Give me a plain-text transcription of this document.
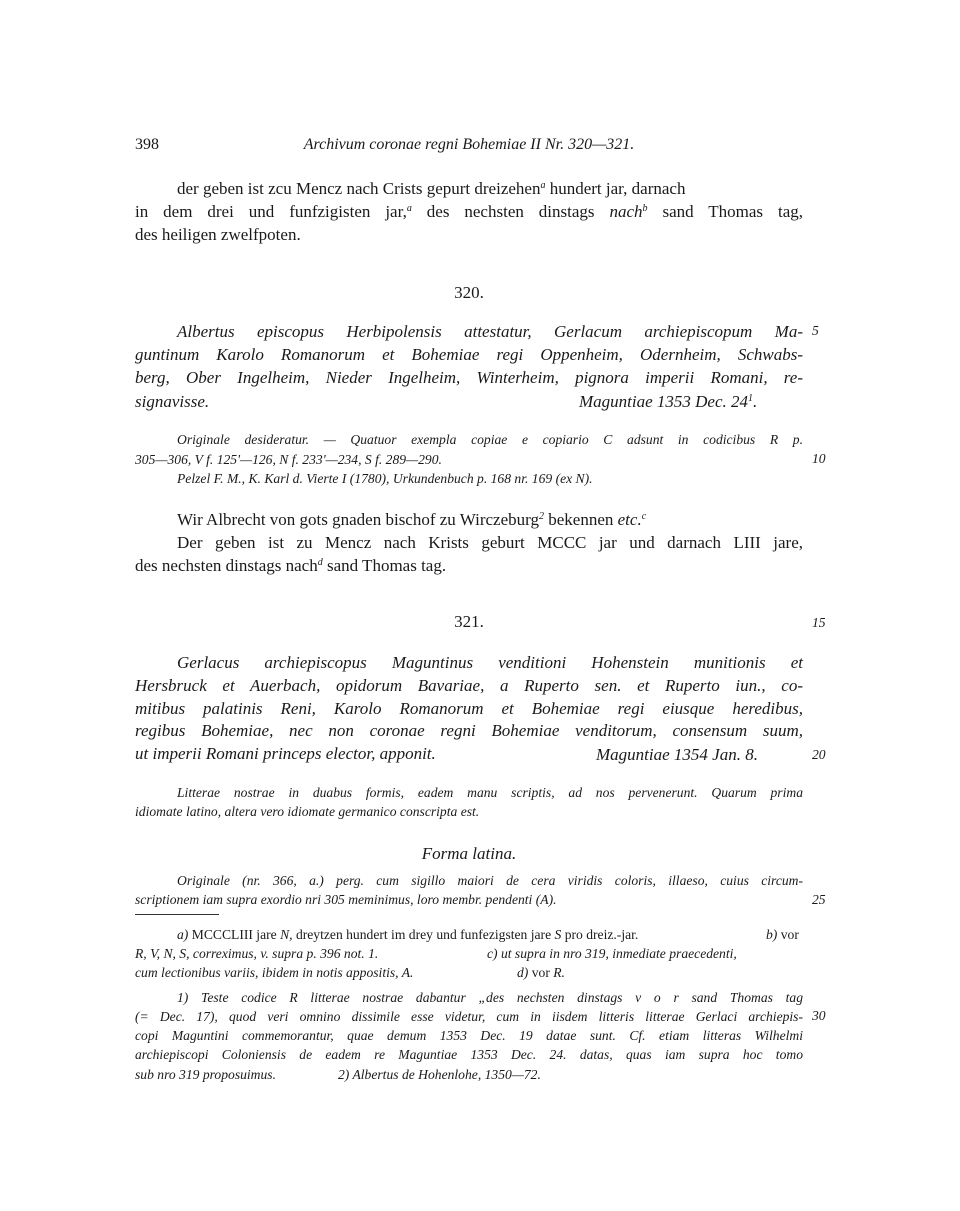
398	Archivum coronae regni Bohemiae II Nr. 320—321.
der geben ist zcu Mencz nach Crists gepurt dreizehen$^a$ hundert jar, darnach
in dem drei und funfzigisten jar,$^a$ des nechsten dinstags nach$^b$ sand Thomas tag,
des heiligen zwelfpoten.
320.
Albertus episcopus Herbipolensis attestatur, Gerlacum archiepiscopum Ma-
guntinum Karolo Romanorum et Bohemiae regi Oppenheim, Odernheim, Schwabs-
berg, Ober Ingelheim, Nieder Ingelheim, Winterheim, pignora imperii Romani, re-
signavisse.	Maguntiae 1353 Dec. $24^1$.
Originale desideratur. — Quatuor exempla copiae e copiario C adsunt in codicibus R p.
305—306, V f. 125'—126, N f. 233'—234, S f. 289—290.
Pelzel F. M., K. Karl d. Vierte I (1780), Urkundenbuch p. 168 nr. 169 (ex N).
Wir Albrecht von gots gnaden bischof zu Wirczeburg$^2$ bekennen etc.$^c$
Der geben ist zu Mencz nach Krists geburt MCCC jar und darnach LIII jare,
des nechsten dinstags nach$^d$ sand Thomas tag.
321.
Gerlacus archiepiscopus Maguntinus venditioni Hohenstein munitionis et
Hersbruck et Auerbach, opidorum Bavariae, a Ruperto sen. et Ruperto iun., co-
mitibus palatinis Reni, Karolo Romanorum et Bohemiae regi eiusque heredibus,
regibus Bohemiae, nec non coronae regni Bohemiae venditorum, consensum suum,
ut imperii Romani princeps elector, apponit.	Maguntiae 1354 Jan. 8.
Litterae nostrae in duabus formis, eadem manu scriptis, ad nos pervenerunt. Quarum prima
idiomate latino, altera vero idiomate germanico conscripta est.
Forma latina.
Originale (nr. 366, a.) perg. cum sigillo maiori de cera viridis coloris, illaeso, cuius circum-
scriptionem iam supra exordio nri 305 meminimus, loro membr. pendenti (A).
a) MCCCLIII jare N, dreytzen hundert im drey und funfezigsten jare S pro dreiz.-jar.	b) vor
R, V, N, S, correximus, v. supra p. 396 not. 1.	c) ut supra in nro 319, inmediate praecedenti,
cum lectionibus variis, ibidem in notis appositis, A.	d) vor R.
1) Teste codice R litterae nostrae dabantur „des nechsten dinstags v o r sand Thomas tag
(= Dec. 17), quod veri omnino dissimile esse videtur, cum in iisdem litteris litterae Gerlaci archiepis-
copi Maguntini commemorantur, quae demum 1353 Dec. 19 datae sunt. Cf. etiam litteras Wilhelmi
archiepiscopi Coloniensis de eadem re Maguntiae 1353 Dec. 24. datas, quas iam supra hoc tomo
sub nro 319 proposuimus.	2) Albertus de Hohenlohe, 1350—72.
5
10
15
20
25
30
